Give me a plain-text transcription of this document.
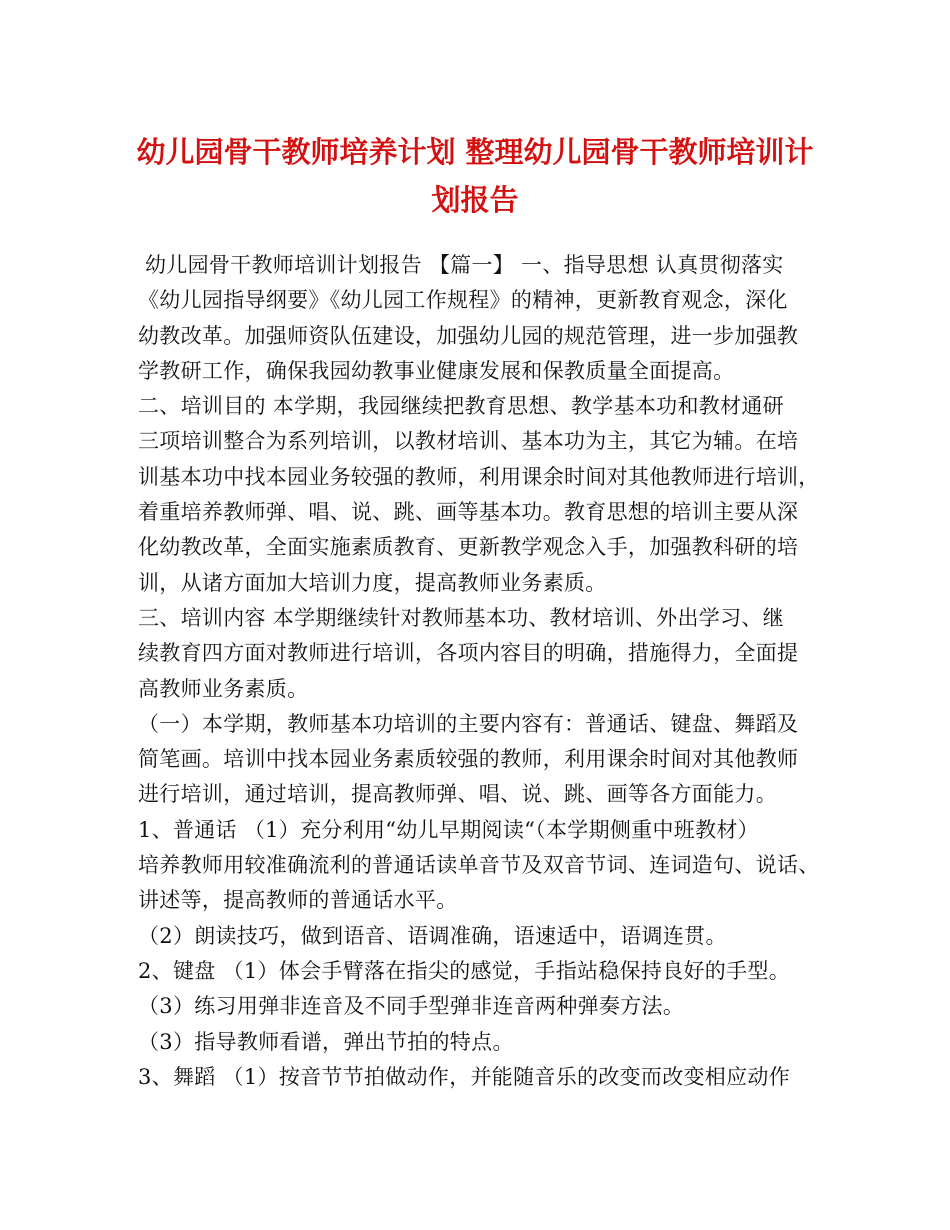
幼儿园骨干教师培养计划 整理幼儿园骨干教师培训计
划报告
幼儿园骨干教师培训计划报告 【篇一】 一、指导思想 认真贯彻落实
《幼儿园指导纲要》《幼儿园工作规程》的精神，更新教育观念，深化
幼教改革。加强师资队伍建设，加强幼儿园的规范管理，进一步加强教
学教研工作，确保我园幼教事业健康发展和保教质量全面提高。
二、培训目的 本学期，我园继续把教育思想、教学基本功和教材通研
三项培训整合为系列培训，以教材培训、基本功为主，其它为辅。在培
训基本功中找本园业务较强的教师，利用课余时间对其他教师进行培训，
着重培养教师弹、唱、说、跳、画等基本功。教育思想的培训主要从深
化幼教改革，全面实施素质教育、更新教学观念入手，加强教科研的培
训，从诸方面加大培训力度，提高教师业务素质。
三、培训内容 本学期继续针对教师基本功、教材培训、外出学习、继
续教育四方面对教师进行培训，各项内容目的明确，措施得力，全面提
高教师业务素质。
（一）本学期，教师基本功培训的主要内容有：普通话、键盘、舞蹈及
简笔画。培训中找本园业务素质较强的教师，利用课余时间对其他教师
进行培训，通过培训，提高教师弹、唱、说、跳、画等各方面能力。
1、普通话 （1）充分利用“幼儿早期阅读“（本学期侧重中班教材）
培养教师用较准确流利的普通话读单音节及双音节词、连词造句、说话、
讲述等，提高教师的普通话水平。
（2）朗读技巧，做到语音、语调准确，语速适中，语调连贯。
2、键盘 （1）体会手臂落在指尖的感觉，手指站稳保持良好的手型。
（3）练习用弹非连音及不同手型弹非连音两种弹奏方法。
（3）指导教师看谱，弹出节拍的特点。
3、舞蹈 （1）按音节节拍做动作，并能随音乐的改变而改变相应动作
